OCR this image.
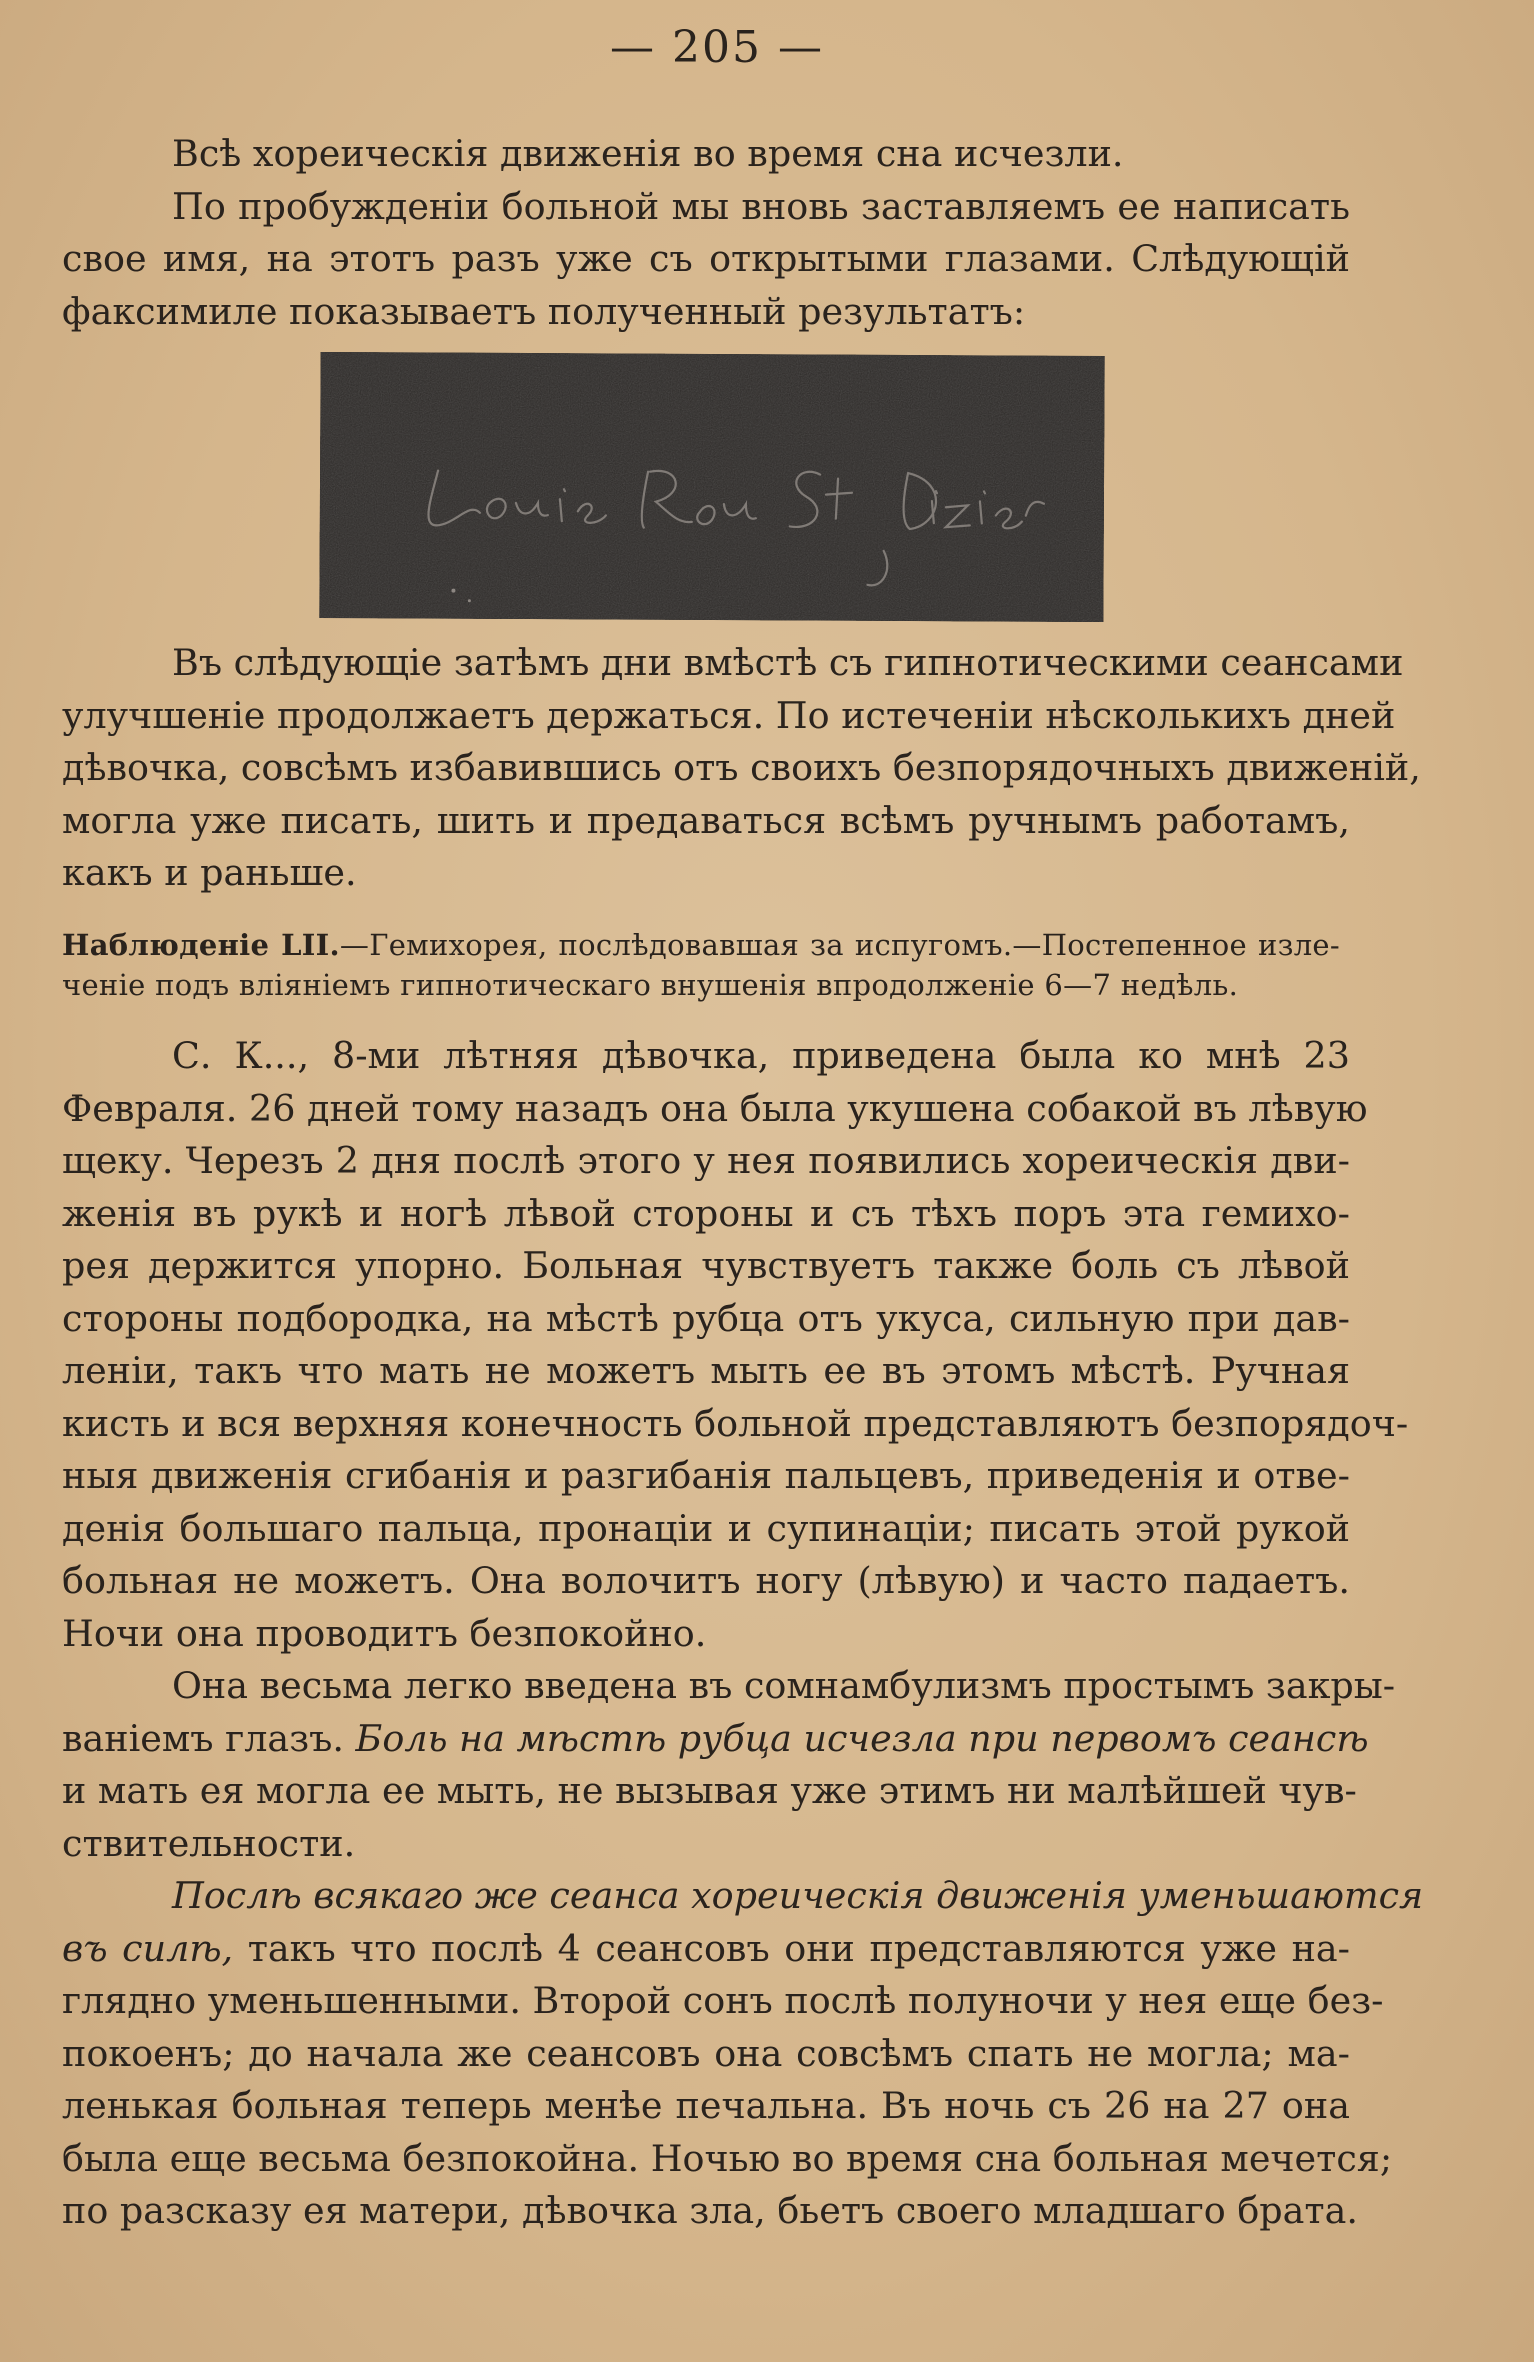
— 205 —
Всѣ хореическія движенія во время сна исчезли.
По пробужденіи больной мы вновь заставляемъ ее написать
свое имя, на этотъ разъ уже съ открытыми глазами. Слѣдующій
факсимиле показываетъ полученный результатъ:
Въ слѣдующіе затѣмъ дни вмѣстѣ съ гипнотическими сеансами
улучшеніе продолжаетъ держаться. По истеченіи нѣсколькихъ дней
дѣвочка, совсѣмъ избавившись отъ своихъ безпорядочныхъ движеній,
могла уже писать, шить и предаваться всѣмъ ручнымъ работамъ,
какъ и раньше.
Наблюденіе LII.—Гемихорея, послѣдовавшая за испугомъ.—Постепенное изле-
ченіе подъ вліяніемъ гипнотическаго внушенія впродолженіе 6—7 недѣль.
С. К..., 8-ми лѣтняя дѣвочка, приведена была ко мнѣ 23
Февраля. 26 дней тому назадъ она была укушена собакой въ лѣвую
щеку. Черезъ 2 дня послѣ этого у нея появились хореическія дви-
женія въ рукѣ и ногѣ лѣвой стороны и съ тѣхъ поръ эта гемихо-
рея держится упорно. Больная чувствуетъ также боль съ лѣвой
стороны подбородка, на мѣстѣ рубца отъ укуса, сильную при дав-
леніи, такъ что мать не можетъ мыть ее въ этомъ мѣстѣ. Ручная
кисть и вся верхняя конечность больной представляютъ безпорядоч-
ныя движенія сгибанія и разгибанія пальцевъ, приведенія и отве-
денія большаго пальца, пронаціи и супинаціи; писать этой рукой
больная не можетъ. Она волочитъ ногу (лѣвую) и часто падаетъ.
Ночи она проводитъ безпокойно.
Она весьма легко введена въ сомнамбулизмъ простымъ закры-
ваніемъ глазъ. Боль на мѣстѣ рубца исчезла при первомъ сеансѣ
и мать ея могла ее мыть, не вызывая уже этимъ ни малѣйшей чув-
ствительности.
Послѣ всякаго же сеанса хореическія движенія уменьшаются
въ силѣ, такъ что послѣ 4 сеансовъ они представляются уже на-
глядно уменьшенными. Второй сонъ послѣ полуночи у нея еще без-
покоенъ; до начала же сеансовъ она совсѣмъ спать не могла; ма-
ленькая больная теперь менѣе печальна. Въ ночь съ 26 на 27 она
была еще весьма безпокойна. Ночью во время сна больная мечется;
по разсказу ея матери, дѣвочка зла, бьетъ своего младшаго брата.
